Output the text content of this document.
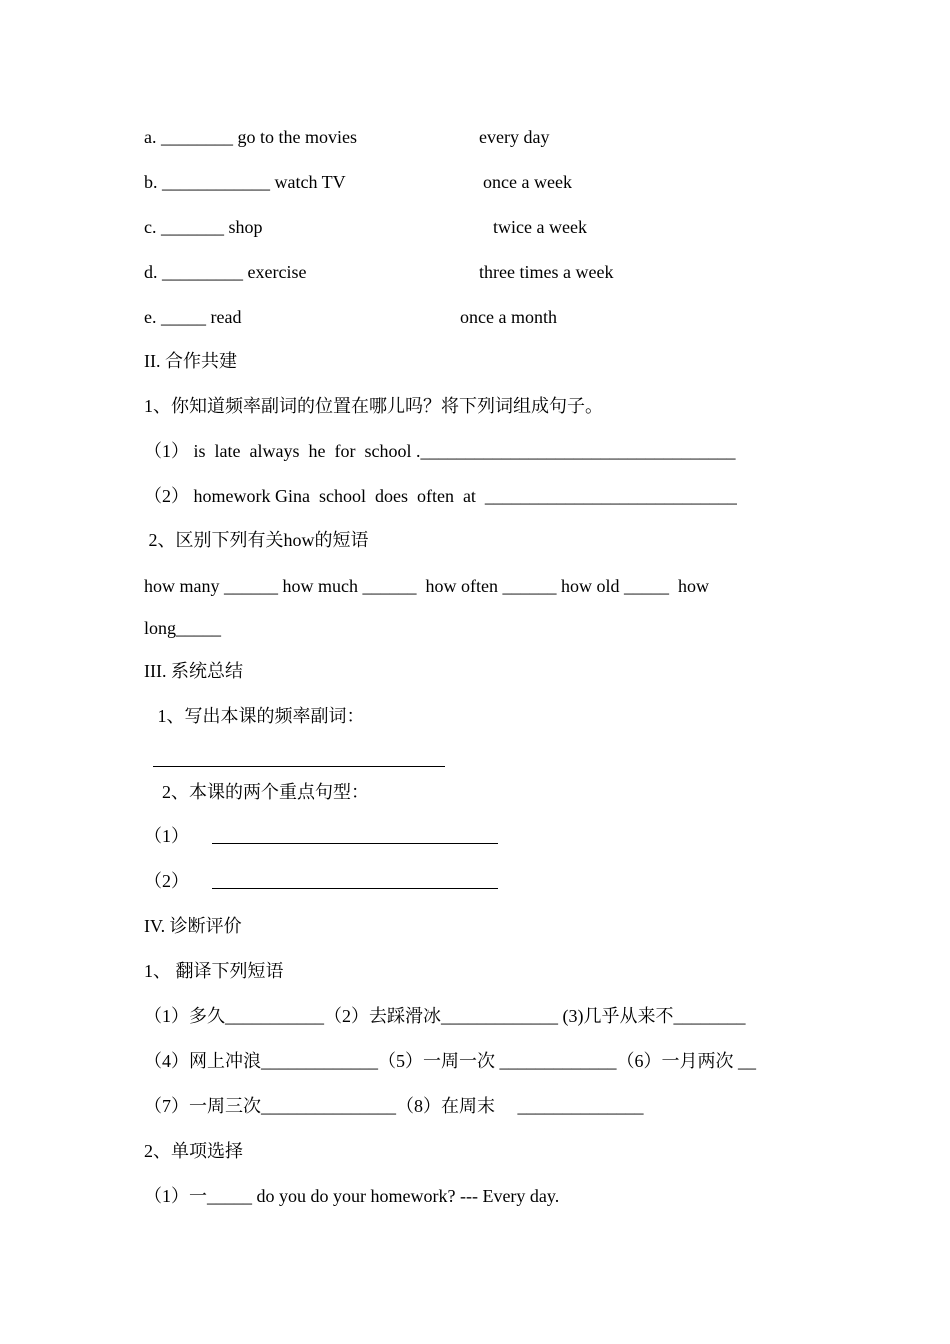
a. ________ go to the movies	every day
b. ____________ watch TV	once a week
c. _______ shop	twice a week
d. _________ exercise	three times a week
e. _____ read	once a month
II. 合作共建
1、你知道频率副词的位置在哪儿吗？将下列词组成句子。
（1） is  late  always  he  for  school .___________________________________
（2） homework Gina  school  does  often  at  ____________________________
2、区别下列有关how的短语
how many ______ how much ______  how often ______ how old _____  how
long_____
III. 系统总结
1、写出本课的频率副词：
2、本课的两个重点句型：
（1）
（2）
IV. 诊断评价
1、 翻译下列短语
（1）多久___________（2）去踩滑冰_____________ (3)几乎从来不________
（4）网上冲浪_____________（5）一周一次 _____________（6）一月两次 __
（7）一周三次_______________（8）在周末     ______________
2、单项选择
（1）一_____ do you do your homework? --- Every day.
